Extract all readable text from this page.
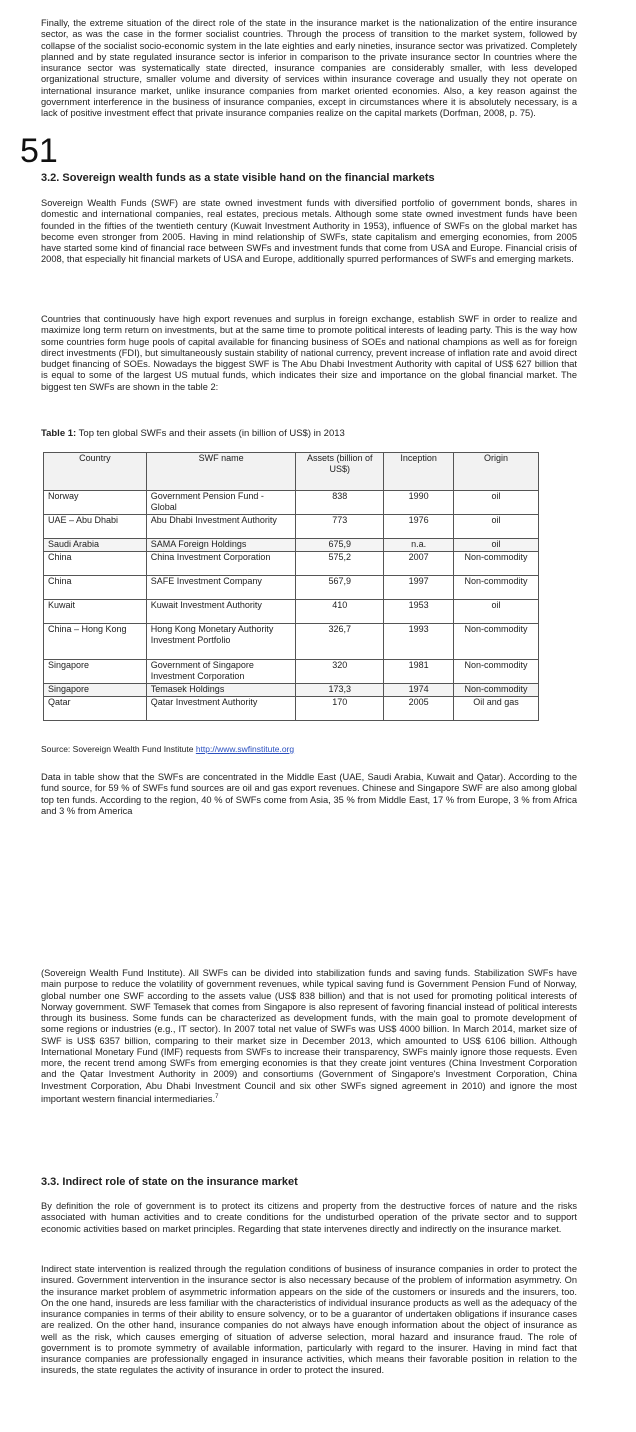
51

Finally, the extreme situation of the direct role of the state in the insurance market is the nationalization of the entire insurance sector, as was the case in the former socialist countries. Through the process of transition to the market system, followed by collapse of the socialist socio-economic system in the late eighties and early nineties, insurance sector was privatized. Completely planned and by state regulated insurance sector is inferior in comparison to the private insurance sector In countries where the insurance sector was systematically state directed, insurance companies are considerably smaller, with less developed organizational structure, smaller volume and diversity of services within insurance coverage and usually they not operate on international insurance market, unlike insurance companies from market oriented economies. Also, a key reason against the government interference in the business of insurance companies, except in circumstances where it is absolutely necessary, is a lack of positive investment effect that private insurance companies realize on the capital markets (Dorfman, 2008, p. 75).

3.2. Sovereign wealth funds as a state visible hand on the financial markets

Sovereign Wealth Funds (SWF) are state owned investment funds with diversified portfolio of government bonds, shares in domestic and international companies, real estates, precious metals. Although some state owned investment funds have been founded in the fifties of the twentieth century (Kuwait Investment Authority in 1953), influence of SWFs on the global market has become even stronger from 2005. Having in mind relationship of SWFs, state capitalism and emerging economies, from 2005 have started some kind of financial race between SWFs and investment funds that come from USA and Europe. Financial crisis of 2008, that especially hit financial markets of USA and Europe, additionally spurred performances of SWFs and emerging markets.

Countries that continuously have high export revenues and surplus in foreign exchange, establish SWF in order to realize and maximize long term return on investments, but at the same time to promote political interests of leading party. This is the way how some countries form huge pools of capital available for financing business of SOEs and national champions as well as for foreign direct investments (FDI), but simultaneously sustain stability of national currency, prevent increase of inflation rate and avoid direct budget financing of SOEs. Nowadays the biggest SWF is The Abu Dhabi Investment Authority with capital of US$ 627 billion that is equal to some of the largest US mutual funds, which indicates their size and importance on the global financial market. The biggest ten SWFs are shown in the table 2:

Table 1: Top ten global SWFs and their assets (in billion of US$) in 2013

Country	SWF name	Assets (billion of US$)	Inception	Origin
Norway	Government Pension Fund - Global	838	1990	oil
UAE – Abu Dhabi	Abu Dhabi Investment Authority	773	1976	oil
Saudi Arabia	SAMA Foreign Holdings	675,9	n.a.	oil
China	China Investment Corporation	575,2	2007	Non-commodity
China	SAFE Investment Company	567,9	1997	Non-commodity
Kuwait	Kuwait Investment Authority	410	1953	oil
China – Hong Kong	Hong Kong Monetary Authority Investment Portfolio	326,7	1993	Non-commodity
Singapore	Government of Singapore Investment Corporation	320	1981	Non-commodity
Singapore	Temasek Holdings	173,3	1974	Non-commodity
Qatar	Qatar Investment Authority	170	2005	Oil and gas

Source: Sovereign Wealth Fund Institute http://www.swfinstitute.org

Data in table show that the SWFs are concentrated in the Middle East (UAE, Saudi Arabia, Kuwait and Qatar). According to the fund source, for 59 % of SWFs fund sources are oil and gas export revenues. Chinese and Singapore SWF are also among global top ten funds. According to the region, 40 % of SWFs come from Asia, 35 % from Middle East, 17 % from Europe, 3 % from Africa and 3 % from America

(Sovereign Wealth Fund Institute). All SWFs can be divided into stabilization funds and saving funds. Stabilization SWFs have main purpose to reduce the volatility of government revenues, while typical saving fund is Government Pension Fund of Norway, global number one SWF according to the assets value (US$ 838 billion) and that is not used for promoting political interests of Norway government. SWF Temasek that comes from Singapore is also represent of favoring financial instead of political interests through its business. Some funds can be characterized as development funds, with the main goal to promote development of some regions or industries (e.g., IT sector). In 2007 total net value of SWFs was US$ 4000 billion. In March 2014, market size of SWF is US$ 6357 billion, comparing to their market size in December 2013, which amounted to US$ 6106 billion. Although International Monetary Fund (IMF) requests from SWFs to increase their transparency, SWFs mainly ignore those requests. Even more, the recent trend among SWFs from emerging economies is that they create joint ventures (China Investment Corporation and the Qatar Investment Authority in 2009) and consortiums (Government of Singapore's Investment Corporation, China Investment Corporation, Abu Dhabi Investment Council and six other SWFs signed agreement in 2010) and ignore the most important western financial intermediaries.$^7$

3.3. Indirect role of state on the insurance market

By definition the role of government is to protect its citizens and property from the destructive forces of nature and the risks associated with human activities and to create conditions for the undisturbed operation of the private sector and to support economic activities based on market principles. Regarding that state intervenes directly and indirectly on the insurance market.

Indirect state intervention is realized through the regulation conditions of business of insurance companies in order to protect the insured. Government intervention in the insurance sector is also necessary because of the problem of information asymmetry. On the insurance market problem of asymmetric information appears on the side of the customers or insureds and the insurers, too. On the one hand, insureds are less familiar with the characteristics of individual insurance products as well as the adequacy of the insurance companies in terms of their ability to ensure solvency, or to be a guarantor of undertaken obligations if insurance cases are realized. On the other hand, insurance companies do not always have enough information about the object of insurance as well as the risk, which causes emerging of situation of adverse selection, moral hazard and insurance fraud. The role of government is to promote symmetry of available information, particularly with regard to the insurer. Having in mind fact that insurance companies are professionally engaged in insurance activities, which means their favorable position in relation to the insureds, the state regulates the activity of insurance in order to protect the insured.
